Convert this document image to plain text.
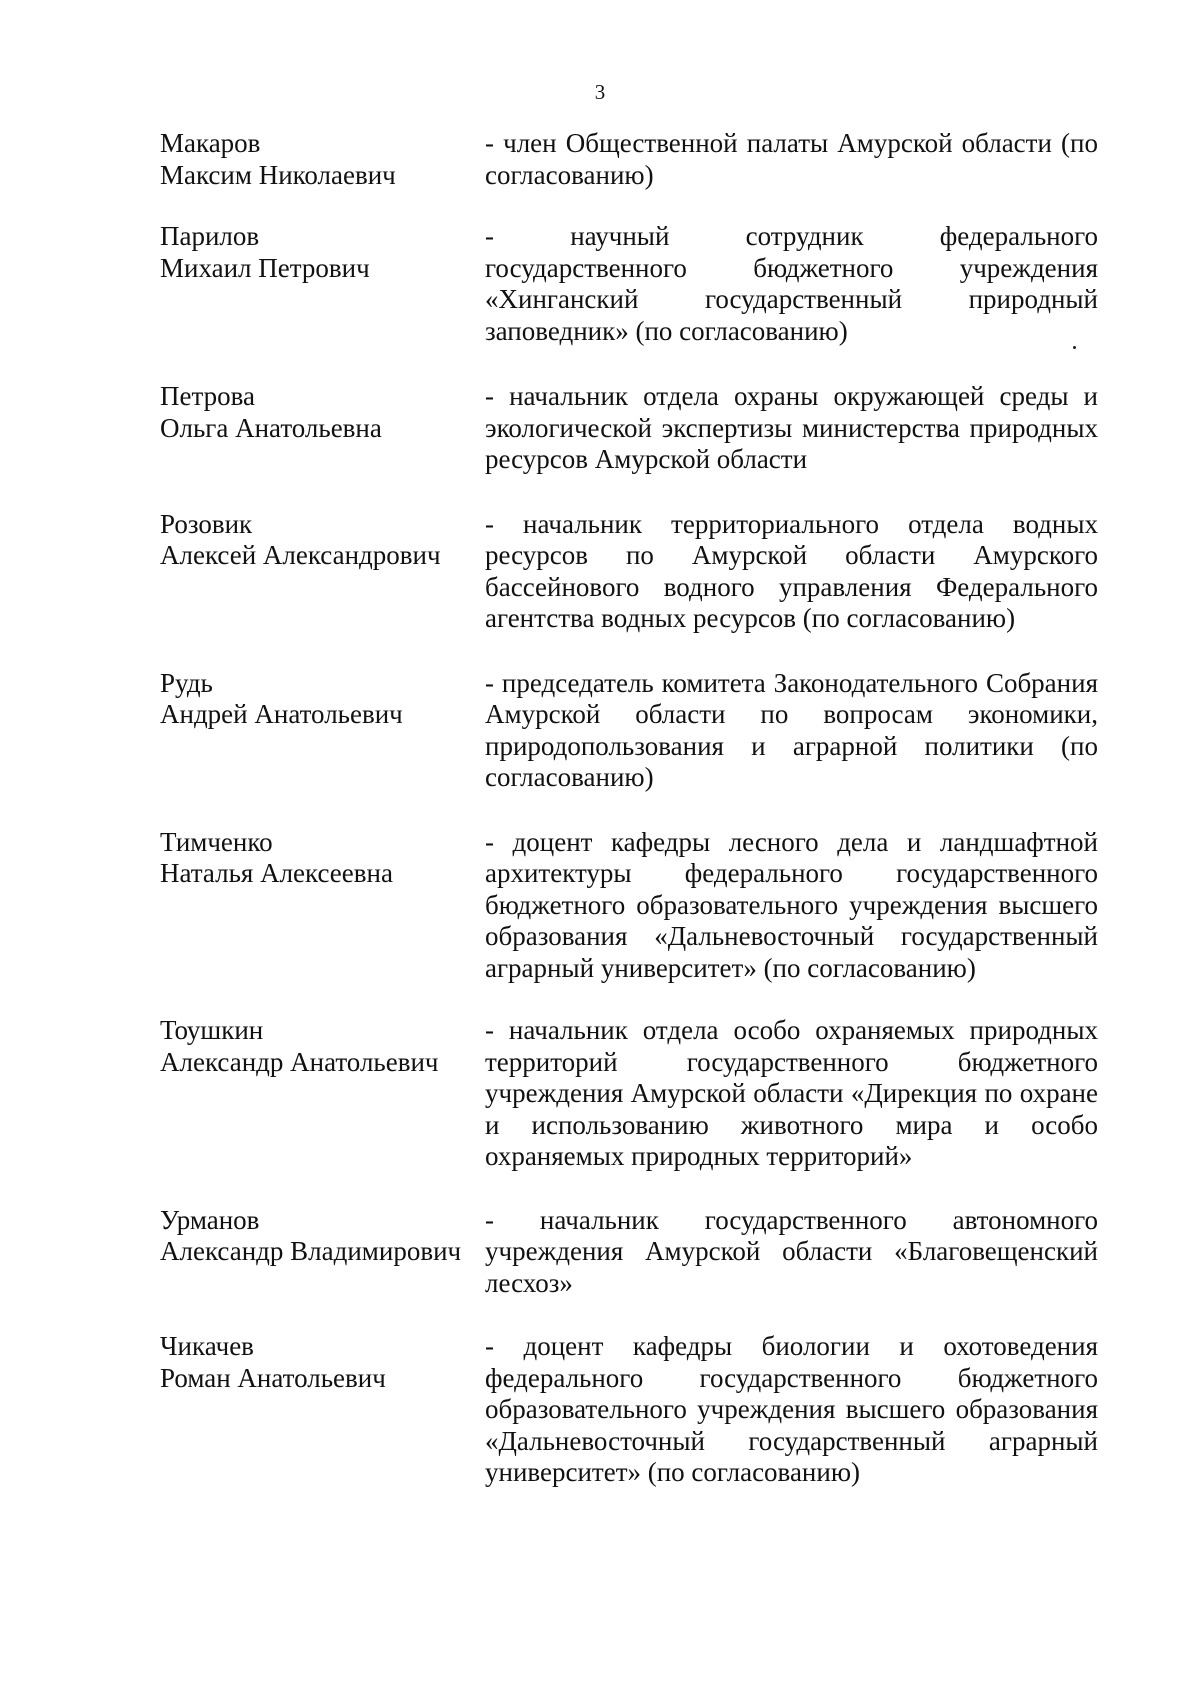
3
Макаров
Максим Николаевич
- член Общественной палаты Амурской области (по согласованию)
Парилов
Михаил Петрович
- научный сотрудник федерального государственного бюджетного учреждения «Хинганский государственный природный заповедник» (по согласованию)
Петрова
Ольга Анатольевна
- начальник отдела охраны окружающей среды и экологической экспертизы министерства природных ресурсов Амурской области
Розовик
Алексей Александрович
- начальник территориального отдела водных ресурсов по Амурской области Амурского бассейнового водного управления Федерального агентства водных ресурсов (по согласованию)
Рудь
Андрей Анатольевич
- председатель комитета Законодательного Собрания Амурской области по вопросам экономики, природопользования и аграрной политики (по согласованию)
Тимченко
Наталья Алексеевна
- доцент кафедры лесного дела и ландшафтной архитектуры федерального государственного бюджетного образовательного учреждения высшего образования «Дальневосточный государственный аграрный университет» (по согласованию)
Тоушкин
Александр Анатольевич
- начальник отдела особо охраняемых природных территорий государственного бюджетного учреждения Амурской области «Дирекция по охране и использованию животного мира и особо охраняемых природных территорий»
Урманов
Александр Владимирович
- начальник государственного автономного учреждения Амурской области «Благовещенский лесхоз»
Чикачев
Роман Анатольевич
- доцент кафедры биологии и охотоведения федерального государственного бюджетного образовательного учреждения высшего образования «Дальневосточный государственный аграрный университет» (по согласованию)
